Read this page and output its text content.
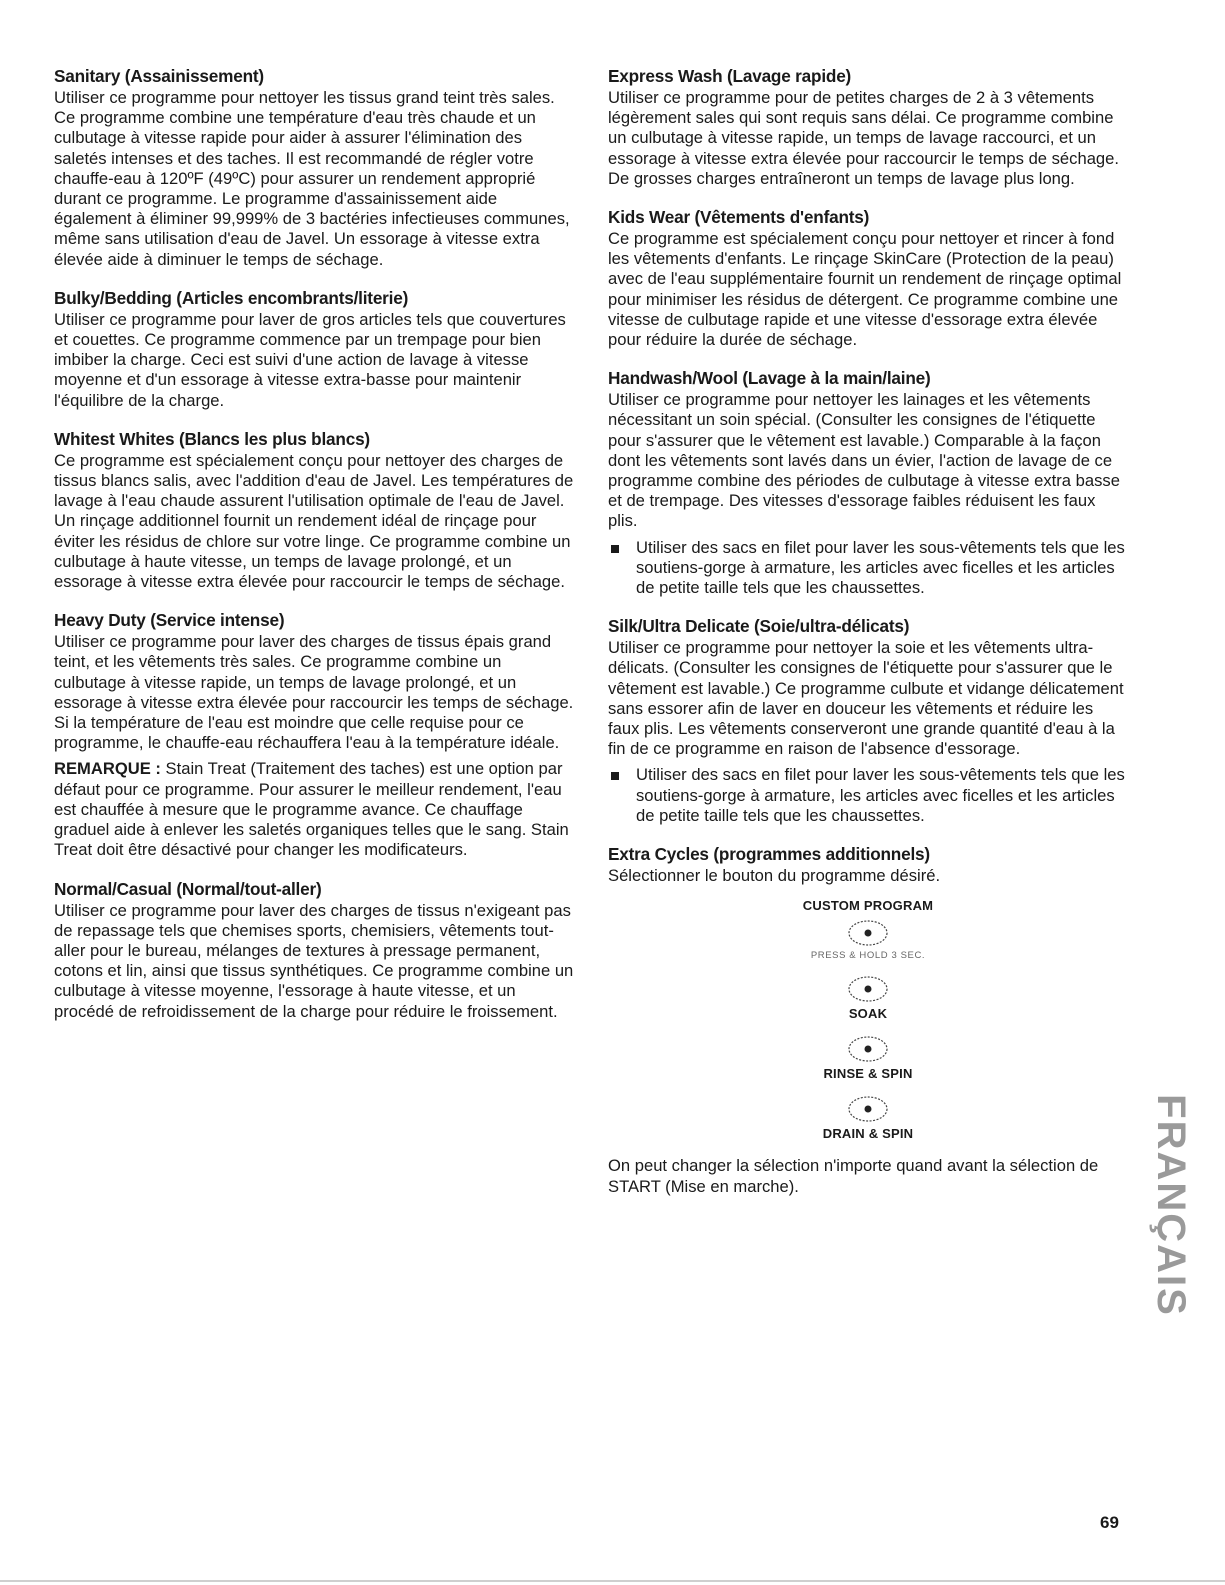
Sanitary (Assainissement)

Utiliser ce programme pour nettoyer les tissus grand teint très sales. Ce programme combine une température d'eau très chaude et un culbutage à vitesse rapide pour aider à assurer l'élimination des saletés intenses et des taches. Il est recommandé de régler votre chauffe-eau à 120ºF (49ºC) pour assurer un rendement approprié durant ce programme. Le programme d'assainissement aide également à éliminer 99,999% de 3 bactéries infectieuses communes, même sans utilisation d'eau de Javel. Un essorage à vitesse extra élevée aide à diminuer le temps de séchage.

Bulky/Bedding (Articles encombrants/literie)

Utiliser ce programme pour laver de gros articles tels que couvertures et couettes. Ce programme commence par un trempage pour bien imbiber la charge. Ceci est suivi d'une action de lavage à vitesse moyenne et d'un essorage à vitesse extra-basse pour maintenir l'équilibre de la charge.

Whitest Whites (Blancs les plus blancs)

Ce programme est spécialement conçu pour nettoyer des charges de tissus blancs salis, avec l'addition d'eau de Javel. Les températures de lavage à l'eau chaude assurent l'utilisation optimale de l'eau de Javel. Un rinçage additionnel fournit un rendement idéal de rinçage pour éviter les résidus de chlore sur votre linge. Ce programme combine un culbutage à haute vitesse, un temps de lavage prolongé, et un essorage à vitesse extra élevée pour raccourcir le temps de séchage.

Heavy Duty (Service intense)

Utiliser ce programme pour laver des charges de tissus épais grand teint, et les vêtements très sales. Ce programme combine un culbutage à vitesse rapide, un temps de lavage prolongé, et un essorage à vitesse extra élevée pour raccourcir les temps de séchage. Si la température de l'eau est moindre que celle requise pour ce programme, le chauffe-eau réchauffera l'eau à la température idéale.

REMARQUE : Stain Treat (Traitement des taches) est une option par défaut pour ce programme. Pour assurer le meilleur rendement, l'eau est chauffée à mesure que le programme avance. Ce chauffage graduel aide à enlever les saletés organiques telles que le sang. Stain Treat doit être désactivé pour changer les modificateurs.

Normal/Casual (Normal/tout-aller)

Utiliser ce programme pour laver des charges de tissus n'exigeant pas de repassage tels que chemises sports, chemisiers, vêtements tout-aller pour le bureau, mélanges de textures à pressage permanent, cotons et lin, ainsi que tissus synthétiques. Ce programme combine un culbutage à vitesse moyenne, l'essorage à haute vitesse, et un procédé de refroidissement de la charge pour réduire le froissement.

Express Wash (Lavage rapide)

Utiliser ce programme pour de petites charges de 2 à 3 vêtements légèrement sales qui sont requis sans délai. Ce programme combine un culbutage à vitesse rapide, un temps de lavage raccourci, et un essorage à vitesse extra élevée pour raccourcir le temps de séchage. De grosses charges entraîneront un temps de lavage plus long.

Kids Wear (Vêtements d'enfants)

Ce programme est spécialement conçu pour nettoyer et rincer à fond les vêtements d'enfants. Le rinçage SkinCare (Protection de la peau) avec de l'eau supplémentaire fournit un rendement de rinçage optimal pour minimiser les résidus de détergent. Ce programme combine une vitesse de culbutage rapide et une vitesse d'essorage extra élevée pour réduire la durée de séchage.

Handwash/Wool (Lavage à la main/laine)

Utiliser ce programme pour nettoyer les lainages et les vêtements nécessitant un soin spécial. (Consulter les consignes de l'étiquette pour s'assurer que le vêtement est lavable.) Comparable à la façon dont les vêtements sont lavés dans un évier, l'action de lavage de ce programme combine des périodes de culbutage à vitesse extra basse et de trempage. Des vitesses d'essorage faibles réduisent les faux plis.

Utiliser des sacs en filet pour laver les sous-vêtements tels que les soutiens-gorge à armature, les articles avec ficelles et les articles de petite taille tels que les chaussettes.
Silk/Ultra Delicate (Soie/ultra-délicats)

Utiliser ce programme pour nettoyer la soie et les vêtements ultra-délicats. (Consulter les consignes de l'étiquette pour s'assurer que le vêtement est lavable.) Ce programme culbute et vidange délicatement sans essorer afin de laver en douceur les vêtements et réduire les faux plis. Les vêtements conserveront une grande quantité d'eau à la fin de ce programme en raison de l'absence d'essorage.

Utiliser des sacs en filet pour laver les sous-vêtements tels que les soutiens-gorge à armature, les articles avec ficelles et les articles de petite taille tels que les chaussettes.
Extra Cycles (programmes additionnels)

Sélectionner le bouton du programme désiré.

CUSTOM PROGRAM
PRESS & HOLD 3 SEC.
SOAK
RINSE & SPIN
DRAIN & SPIN

On peut changer la sélection n'importe quand avant la sélection de START (Mise en marche).	FRANÇAIS
69
